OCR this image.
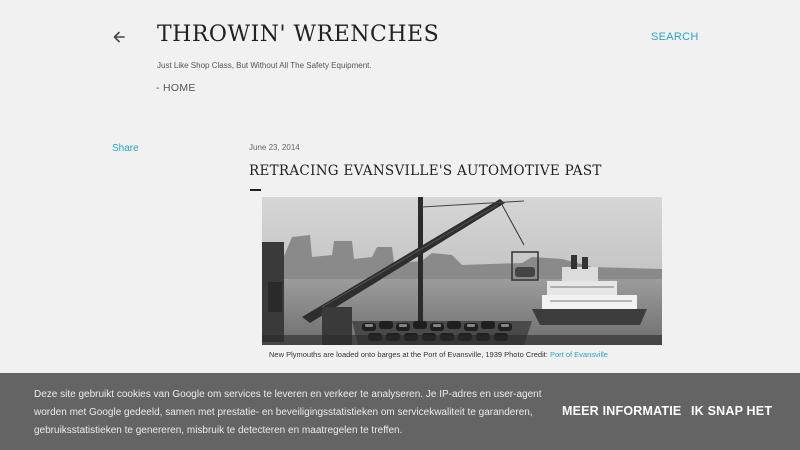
THROWIN' WRENCHES	SEARCH
Just Like Shop Class, But Without All The Safety Equipment.
- HOME
Share	June 23, 2014
RETRACING EVANSVILLE'S AUTOMOTIVE PAST
New Plymouths are loaded onto barges at the Port of Evansville, 1939 Photo Credit: Port of Evansville
Deze site gebruikt cookies van Google om services te leveren en verkeer te analyseren. Je IP-adres en user-agent worden met Google gedeeld, samen met prestatie- en beveiligingsstatistieken om servicekwaliteit te garanderen, gebruiksstatistieken te genereren, misbruik te detecteren en maatregelen te treffen.
MEER INFORMATIE IK SNAP HET
